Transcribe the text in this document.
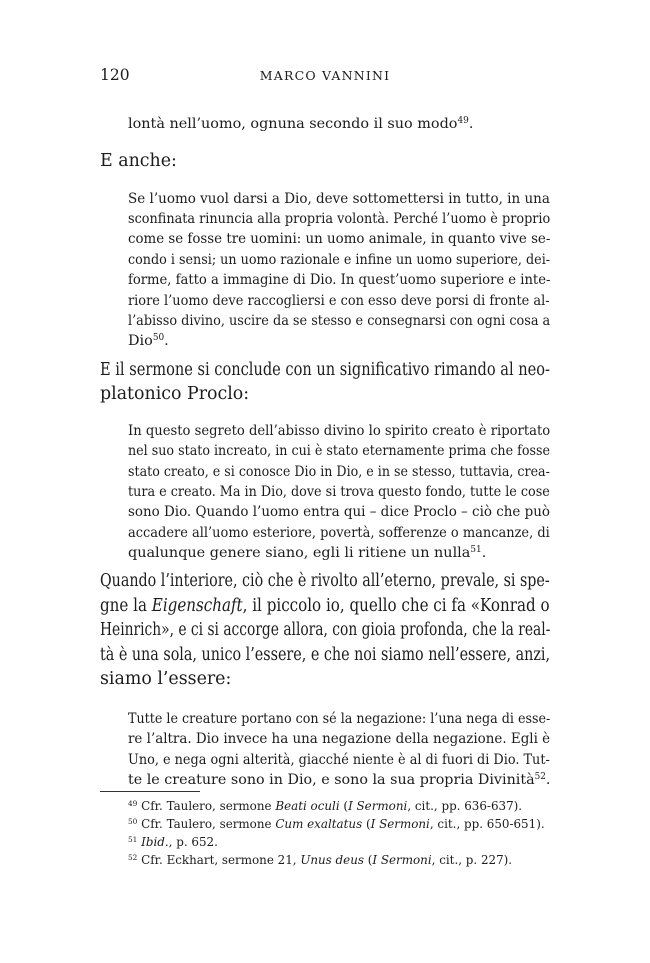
120	MARCO VANNINI
lontà nell’uomo, ognuna secondo il suo modo$^{49}$.
E anche:
Se l’uomo vuol darsi a Dio, deve sottomettersi in tutto, in una
sconfinata rinuncia alla propria volontà. Perché l’uomo è proprio
come se fosse tre uomini: un uomo animale, in quanto vive se-
condo i sensi; un uomo razionale e infine un uomo superiore, dei-
forme, fatto a immagine di Dio. In quest’uomo superiore e inte-
riore l’uomo deve raccogliersi e con esso deve porsi di fronte al-
l’abisso divino, uscire da se stesso e consegnarsi con ogni cosa a
Dio$^{50}$.
E il sermone si conclude con un significativo rimando al neo-
platonico Proclo:
In questo segreto dell’abisso divino lo spirito creato è riportato
nel suo stato increato, in cui è stato eternamente prima che fosse
stato creato, e si conosce Dio in Dio, e in se stesso, tuttavia, crea-
tura e creato. Ma in Dio, dove si trova questo fondo, tutte le cose
sono Dio. Quando l’uomo entra qui – dice Proclo – ciò che può
accadere all’uomo esteriore, povertà, sofferenze o mancanze, di
qualunque genere siano, egli li ritiene un nulla$^{51}$.
Quando l’interiore, ciò che è rivolto all’eterno, prevale, si spe-
gne la Eigenschaft, il piccolo io, quello che ci fa «Konrad o
Heinrich», e ci si accorge allora, con gioia profonda, che la real-
tà è una sola, unico l’essere, e che noi siamo nell’essere, anzi,
siamo l’essere:
Tutte le creature portano con sé la negazione: l’una nega di esse-
re l’altra. Dio invece ha una negazione della negazione. Egli è
Uno, e nega ogni alterità, giacché niente è al di fuori di Dio. Tut-
te le creature sono in Dio, e sono la sua propria Divinità$^{52}$.
$^{49}$ Cfr. Taulero, sermone Beati oculi (I Sermoni, cit., pp. 636-637).
$^{50}$ Cfr. Taulero, sermone Cum exaltatus (I Sermoni, cit., pp. 650-651).
$^{51}$ Ibid., p. 652.
$^{52}$ Cfr. Eckhart, sermone 21, Unus deus (I Sermoni, cit., p. 227).
